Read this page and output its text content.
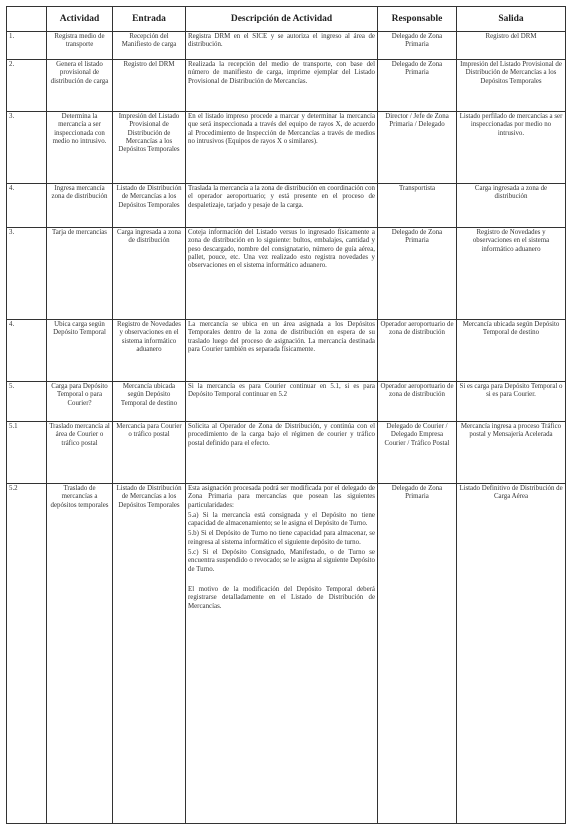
	Actividad	Entrada	Descripción de Actividad	Responsable	Salida
1.	Registra medio de transporte	Recepción del Manifiesto de carga	Registra DRM en el SICE y se autoriza el ingreso al área de distribución.	Delegado de Zona Primaria	Registro del DRM
2.	Genera el listado provisional de distribución de carga	Registro del DRM	Realizada la recepción del medio de transporte, con base del número de manifiesto de carga, imprime ejemplar del Listado Provisional de Distribución de Mercancías.	Delegado de Zona Primaria	Impresión del Listado Provisional de Distribución de Mercancías a los Depósitos Temporales
3.	Determina la mercancía a ser inspeccionada con medio no intrusivo.	Impresión del Listado Provisional de Distribución de Mercancías a los Depósitos Temporales	En el listado impreso procede a marcar y determinar la mercancía que será inspeccionada a través del equipo de rayos X, de acuerdo al Procedimiento de Inspección de Mercancías a través de medios no intrusivos (Equipos de rayos X o similares).	Director / Jefe de Zona Primaria / Delegado	Listado perfilado de mercancías a ser inspeccionadas por medio no intrusivo.
4.	Ingresa mercancía zona de distribución	Listado de Distribución de Mercancías a los Depósitos Temporales	Traslada la mercancía a la zona de distribución en coordinación con el operador aeroportuario; y está presente en el proceso de despaletizaje, tarjado y pesaje de la carga.	Transportista	Carga ingresada a zona de distribución
3.	Tarja de mercancías	Carga ingresada a zona de distribución	Coteja información del Listado versus lo ingresado físicamente a zona de distribución en lo siguiente: bultos, embalajes, cantidad y peso descargado, nombre del consignatario, número de guía aérea, pallet, pouce, etc. Una vez realizado esto registra novedades y observaciones en el sistema informático aduanero.	Delegado de Zona Primaria	Registro de Novedades y observaciones en el sistema informático aduanero
4.	Ubica carga según Depósito Temporal	Registro de Novedades y observaciones en el sistema informático aduanero	La mercancía se ubica en un área asignada a los Depósitos Temporales dentro de la zona de distribución en espera de su traslado luego del proceso de asignación. La mercancía destinada para Courier también es separada físicamente.	Operador aeroportuario de zona de distribución	Mercancía ubicada según Depósito Temporal de destino
5.	Carga para Depósito Temporal o para Courier?	Mercancía ubicada según Depósito Temporal de destino	Si la mercancía es para Courier continuar en 5.1, si es para Depósito Temporal continuar en 5.2	Operador aeroportuario de zona de distribución	Si es carga para Depósito Temporal o si es para Courier.
5.1	Traslado mercancía al área de Courier o tráfico postal	Mercancía para Courier o tráfico postal	Solicita al Operador de Zona de Distribución, y continúa con el procedimiento de la carga bajo el régimen de courier y tráfico postal definido para el efecto.	Delegado de Courier / Delegado Empresa Courier / Tráfico Postal	Mercancía ingresa a proceso Tráfico postal y Mensajería Acelerada
5.2	Traslado de mercancías a depósitos temporales	Listado de Distribución de Mercancías a los Depósitos Temporales	Esta asignación procesada podrá ser modificada por el delegado de Zona Primaria para mercancías que posean las siguientes particularidades:
5.a) Si la mercancía está consignada y el Depósito no tiene capacidad de almacenamiento; se le asigna el Depósito de Turno.
5.b) Si el Depósito de Turno no tiene capacidad para almacenar, se reingresa al sistema informático el siguiente depósito de turno.
5.c) Si el Depósito Consignado, Manifestado, o de Turno se encuentra suspendido o revocado; se le asigna al siguiente Depósito de Turno.
El motivo de la modificación del Depósito Temporal deberá registrarse detalladamente en el Listado de Distribución de Mercancías.	Delegado de Zona Primaria	Listado Definitivo de Distribución de Carga Aérea
